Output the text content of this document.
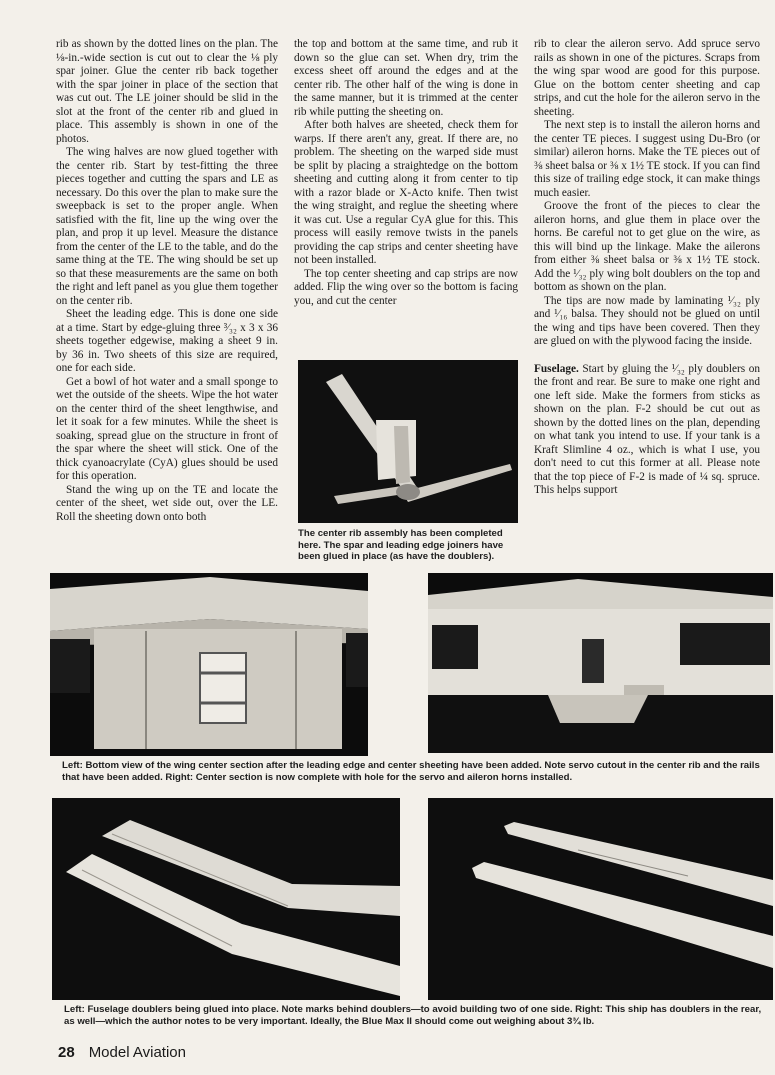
rib as shown by the dotted lines on the plan. The ⅛-in.-wide section is cut out to clear the ⅛ ply spar joiner. Glue the center rib back together with the spar joiner in place of the section that was cut out. The LE joiner should be slid in the slot at the front of the center rib and glued in place. This assembly is shown in one of the photos.

The wing halves are now glued together with the center rib. Start by test-fitting the three pieces together and cutting the spars and LE as necessary. Do this over the plan to make sure the sweepback is set to the proper angle. When satisfied with the fit, line up the wing over the plan, and prop it up level. Measure the distance from the center of the LE to the table, and do the same thing at the TE. The wing should be set up so that these measurements are the same on both the right and left panel as you glue them together on the center rib.

Sheet the leading edge. This is done one side at a time. Start by edge-gluing three ³⁄₃₂ x 3 x 36 sheets together edgewise, making a sheet 9 in. by 36 in. Two sheets of this size are required, one for each side.

Get a bowl of hot water and a small sponge to wet the outside of the sheets. Wipe the hot water on the center third of the sheet lengthwise, and let it soak for a few minutes. While the sheet is soaking, spread glue on the structure in front of the spar where the sheet will stick. One of the thick cyanoacrylate (CyA) glues should be used for this operation.

Stand the wing up on the TE and locate the center of the sheet, wet side out, over the LE. Roll the sheeting down onto both

the top and bottom at the same time, and rub it down so the glue can set. When dry, trim the excess sheet off around the edges and at the center rib. The other half of the wing is done in the same manner, but it is trimmed at the center rib while putting the sheeting on.

After both halves are sheeted, check them for warps. If there aren't any, great. If there are, no problem. The sheeting on the warped side must be split by placing a straightedge on the bottom sheeting and cutting along it from center to tip with a razor blade or X-Acto knife. Then twist the wing straight, and reglue the sheeting where it was cut. Use a regular CyA glue for this. This process will easily remove twists in the panels providing the cap strips and center sheeting have not been installed.

The top center sheeting and cap strips are now added. Flip the wing over so the bottom is facing you, and cut the center

rib to clear the aileron servo. Add spruce servo rails as shown in one of the pictures. Scraps from the wing spar wood are good for this purpose. Glue on the bottom center sheeting and cap strips, and cut the hole for the aileron servo in the sheeting.

The next step is to install the aileron horns and the center TE pieces. I suggest using Du-Bro (or similar) aileron horns. Make the TE pieces out of ⅜ sheet balsa or ⅜ x 1½ TE stock. If you can find this size of trailing edge stock, it can make things much easier.

Groove the front of the pieces to clear the aileron horns, and glue them in place over the horns. Be careful not to get glue on the wire, as this will bind up the linkage. Make the ailerons from either ⅜ sheet balsa or ⅜ x 1½ TE stock. Add the ¹⁄₃₂ ply wing bolt doublers on the top and bottom as shown on the plan.

The tips are now made by laminating ¹⁄₃₂ ply and ¹⁄₁₆ balsa. They should not be glued on until the wing and tips have been covered. Then they are glued on with the plywood facing the inside.

Fuselage. Start by gluing the ¹⁄₃₂ ply doublers on the front and rear. Be sure to make one right and one left side. Make the formers from sticks as shown on the plan. F-2 should be cut out as shown by the dotted lines on the plan, depending on what tank you intend to use. If your tank is a Kraft Slimline 4 oz., which is what I use, you don't need to cut this former at all. Please note that the top piece of F-2 is made of ¼ sq. spruce. This helps support

The center rib assembly has been completed here. The spar and leading edge joiners have been glued in place (as have the doublers).
Left: Bottom view of the wing center section after the leading edge and center sheeting have been added. Note servo cutout in the center rib and the rails that have been added. Right: Center section is now complete with hole for the servo and aileron horns installed.
Left: Fuselage doublers being glued into place. Note marks behind doublers—to avoid building two of one side. Right: This ship has doublers in the rear, as well—which the author notes to be very important. Ideally, the Blue Max II should come out weighing about 3¾ lb.
28 Model Aviation
